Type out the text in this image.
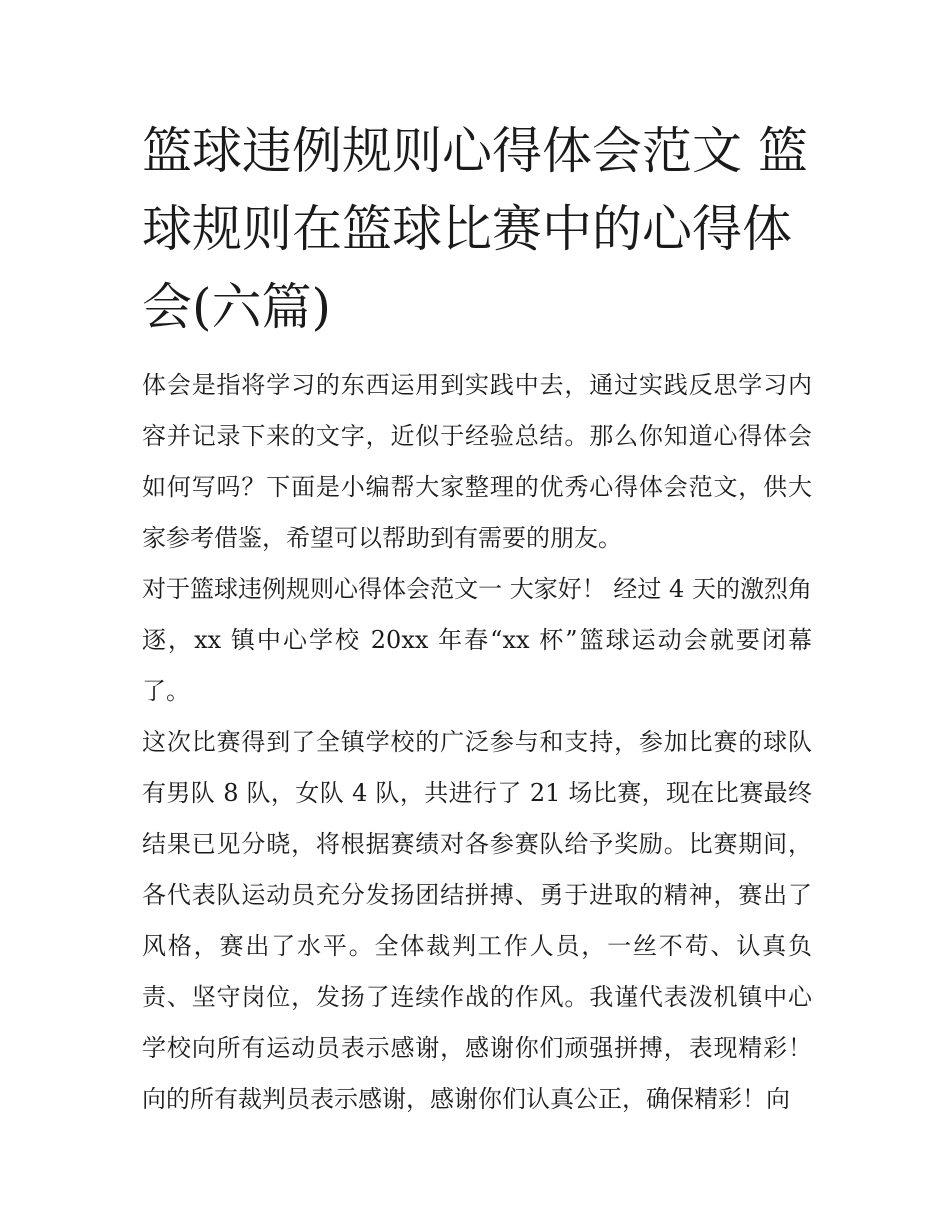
篮球违例规则心得体会范文 篮球规则在篮球比赛中的心得体会(六篇)

体会是指将学习的东西运用到实践中去，通过实践反思学习内容并记录下来的文字，近似于经验总结。那么你知道心得体会如何写吗？下面是小编帮大家整理的优秀心得体会范文，供大家参考借鉴，希望可以帮助到有需要的朋友。

对于篮球违例规则心得体会范文一 大家好！ 经过 4 天的激烈角逐，xx 镇中心学校 20xx 年春“xx 杯”篮球运动会就要闭幕了。

这次比赛得到了全镇学校的广泛参与和支持，参加比赛的球队有男队 8 队，女队 4 队，共进行了 21 场比赛，现在比赛最终结果已见分晓，将根据赛绩对各参赛队给予奖励。比赛期间，各代表队运动员充分发扬团结拼搏、勇于进取的精神，赛出了风格，赛出了水平。全体裁判工作人员，一丝不苟、认真负责、坚守岗位，发扬了连续作战的作风。我谨代表泼机镇中心学校向所有运动员表示感谢，感谢你们顽强拼搏，表现精彩！向的所有裁判员表示感谢，感谢你们认真公正，确保精彩！向
